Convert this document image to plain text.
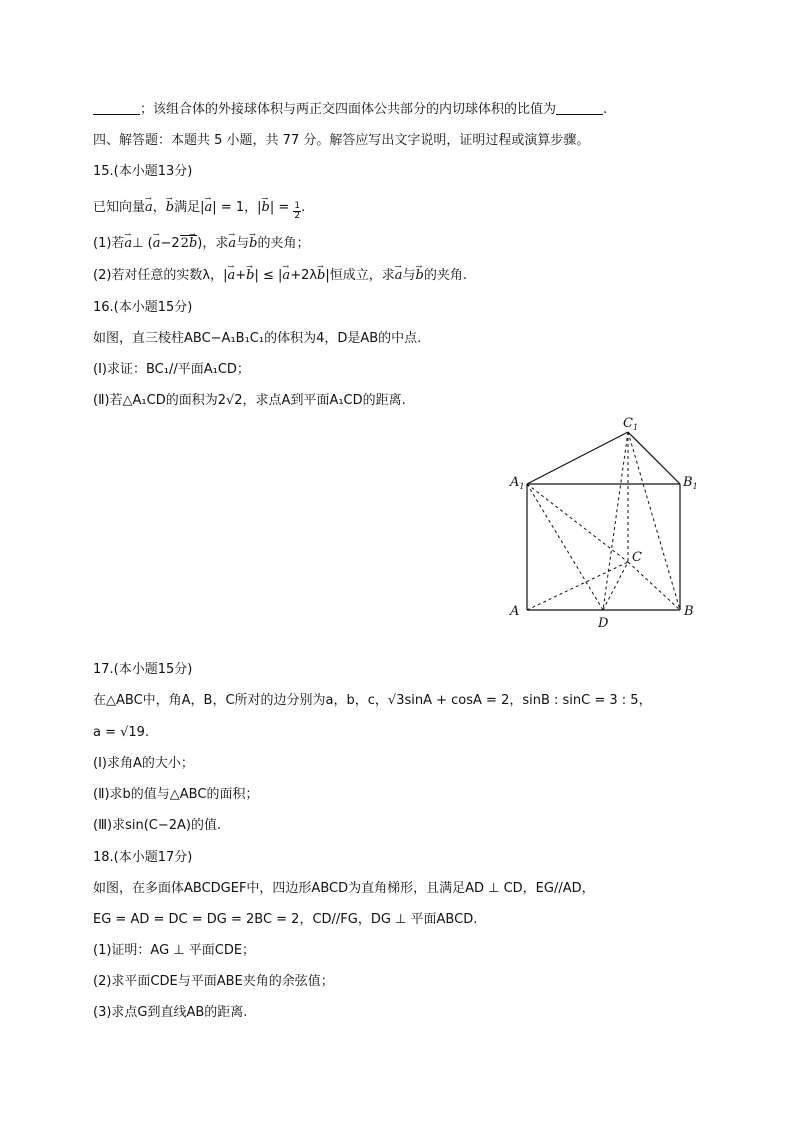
；该组合体的外接球体积与两正交四面体公共部分的内切球体积的比值为	.
四、解答题：本题共 5 小题，共 77 分。解答应写出文字说明，证明过程或演算步骤。
15.(本小题13分)
已知向量→ a，→ b满足|→ a| = 1，|→ $b| = \frac{1}{2}$ .
(1)若→ a⊥ (→ a−22→ b)，求→ a与→ b的夹角；
(2)若对任意的实数λ，|→ a+→ b| ≤ |→ a+2λ→ b|恒成立，求→ a与→ b的夹角.
16.(本小题15分)
如图，直三棱柱ABC−A₁B₁C₁的体积为4，D是AB的中点.
(Ⅰ)求证：BC₁//平面A₁CD；
(Ⅱ)若△A₁CD的面积为2√2，求点A到平面A₁CD的距离.
$A_1$	$B_1$
$C_1$
A	B
C
D
17.(本小题15分)
在△ABC中，角A，B，C所对的边分别为a，b，c，√3sinA + cosA = 2，sinB : sinC = 3 : 5，
a = √19.
(Ⅰ)求角A的大小；
(Ⅱ)求b的值与△ABC的面积；
(Ⅲ)求sin(C−2A)的值.
18.(本小题17分)
如图，在多面体ABCDGEF中，四边形ABCD为直角梯形，且满足AD ⊥ CD，EG//AD，
EG = AD = DC = DG = 2BC = 2，CD//FG，DG ⊥ 平面ABCD.
(1)证明：AG ⊥ 平面CDE；
(2)求平面CDE与平面ABE夹角的余弦值；
(3)求点G到直线AB的距离.
